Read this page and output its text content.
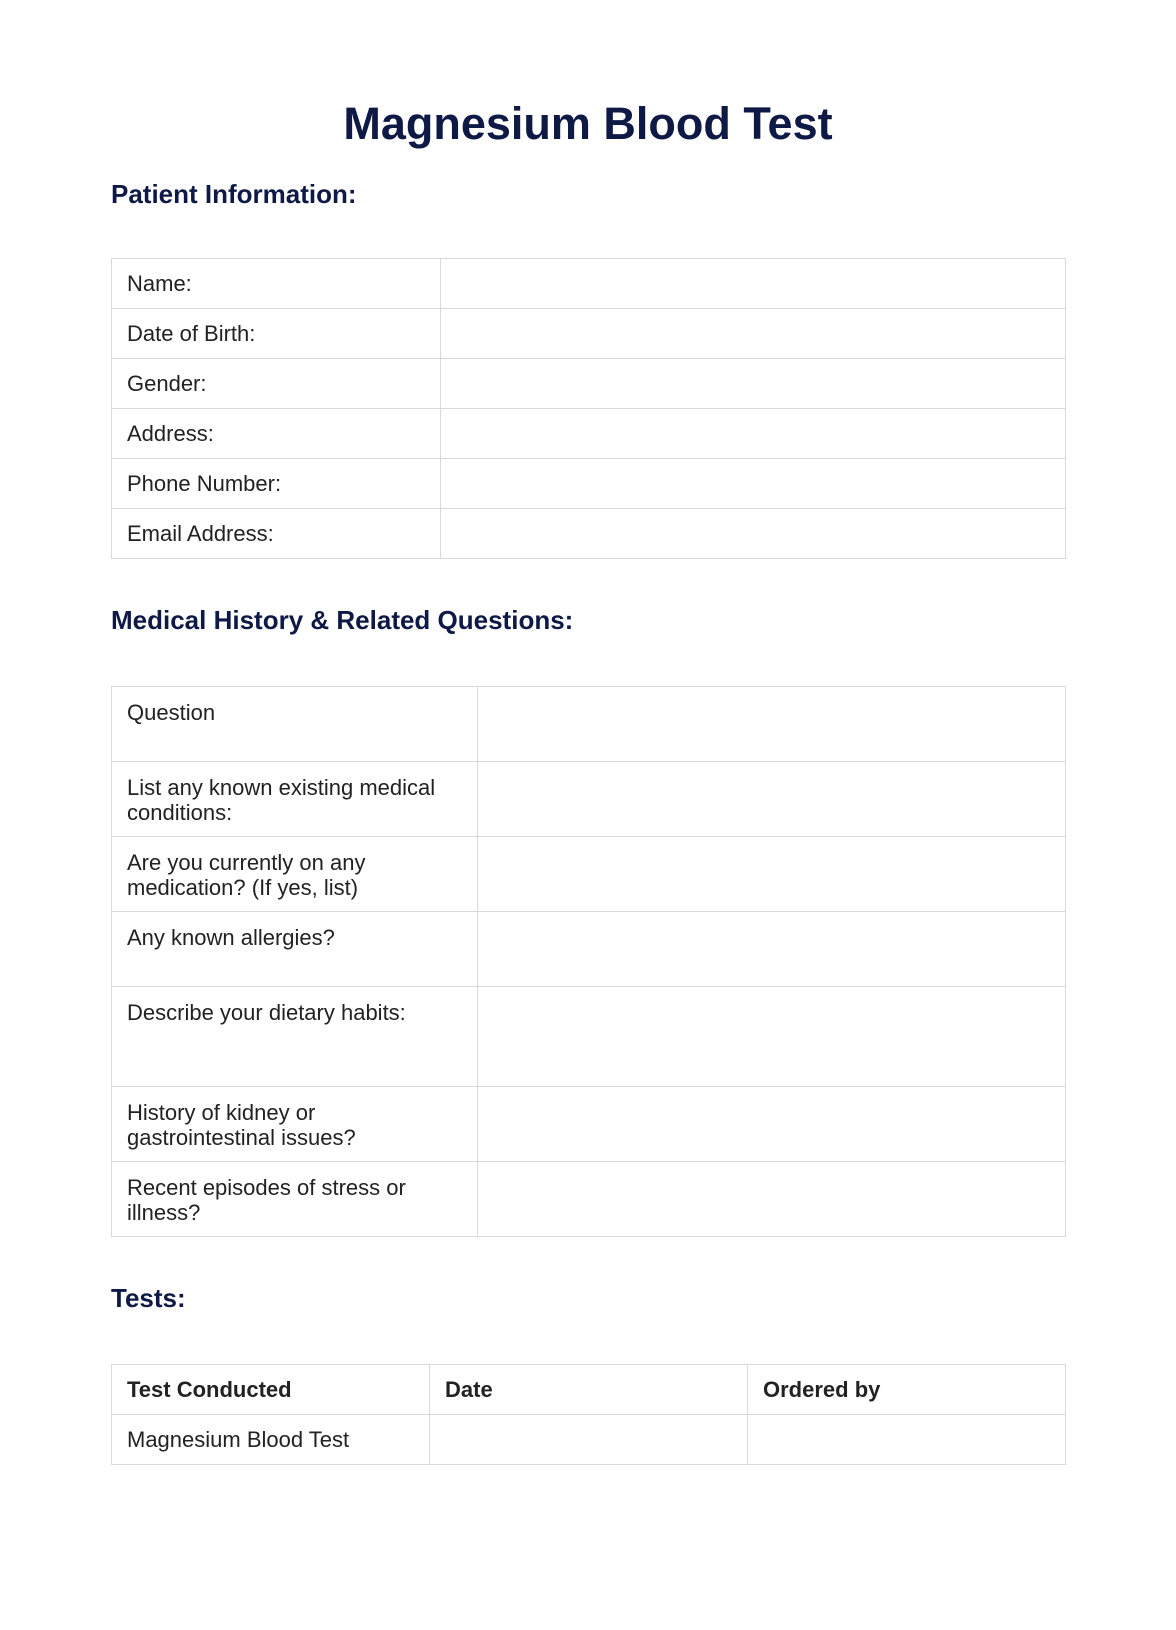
Magnesium Blood Test
Patient Information:
Name:	
Date of Birth:	
Gender:	
Address:	
Phone Number:	
Email Address:	
Medical History & Related Questions:
Question	
List any known existing medical conditions:	
Are you currently on any medication? (If yes, list)	
Any known allergies?	
Describe your dietary habits:	
History of kidney or gastrointestinal issues?	
Recent episodes of stress or illness?	
Tests:
Test Conducted	Date	Ordered by
Magnesium Blood Test		
